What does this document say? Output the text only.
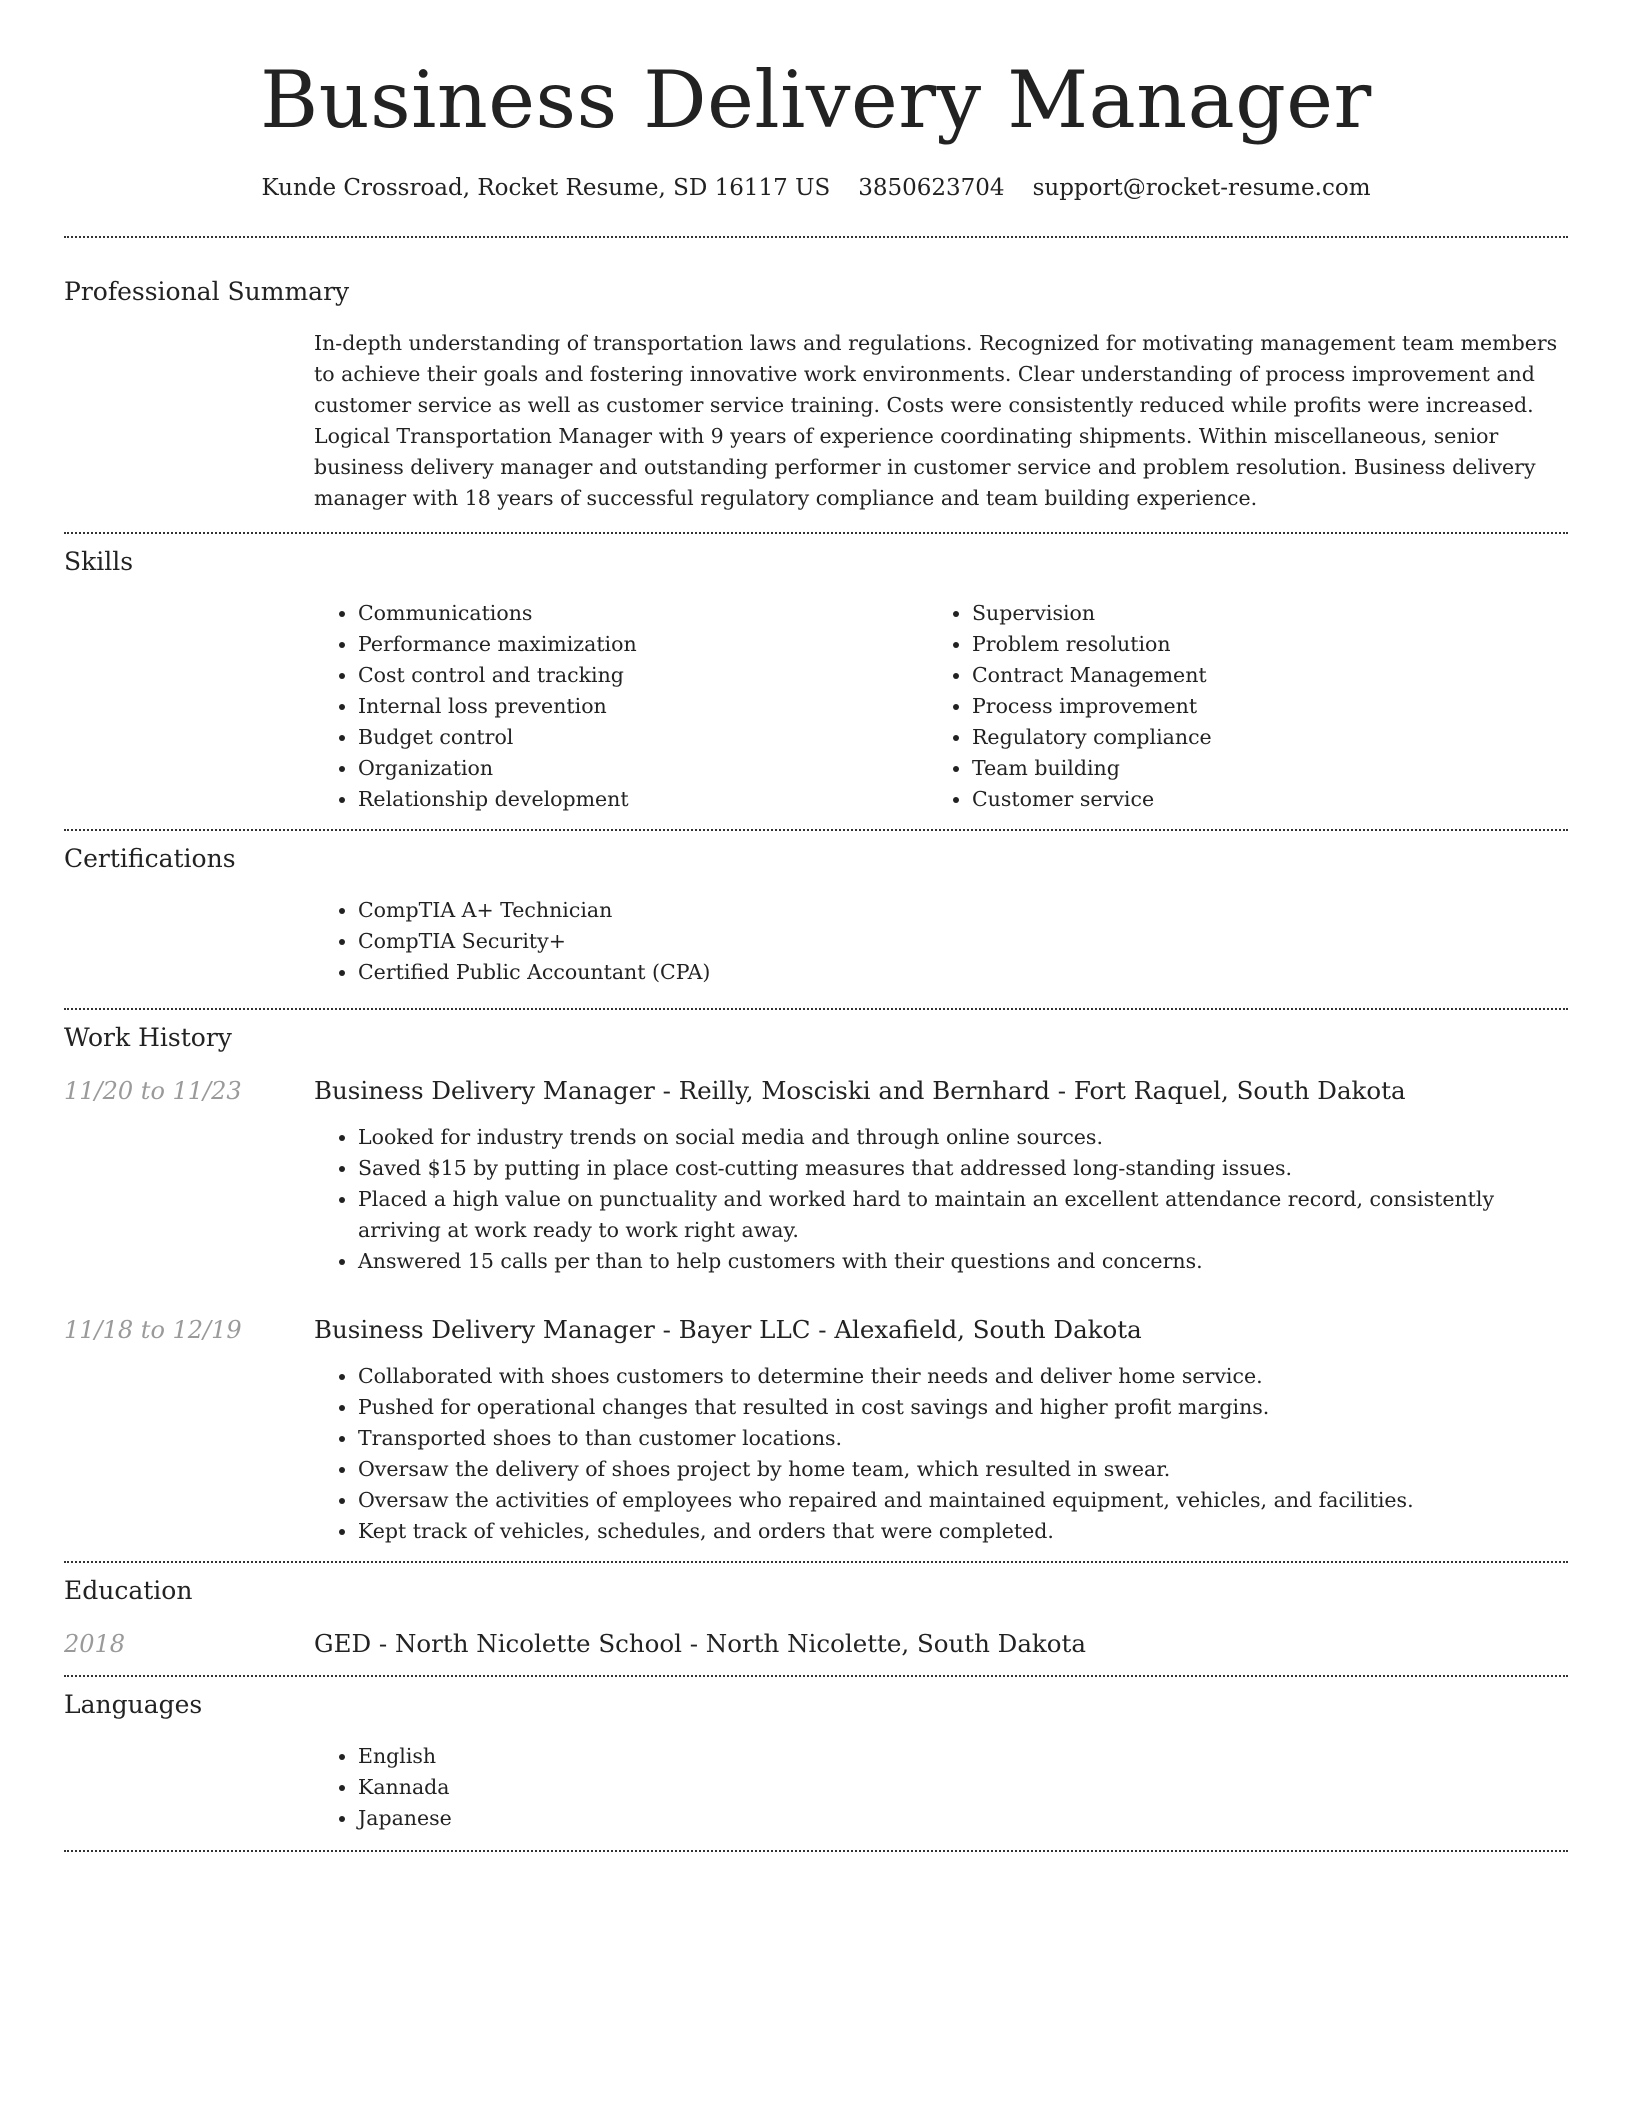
Business Delivery Manager
Kunde Crossroad, Rocket Resume, SD 16117 US 3850623704 support@rocket-resume.com
Professional Summary

In-depth understanding of transportation laws and regulations. Recognized for motivating management team members to achieve their goals and fostering innovative work environments. Clear understanding of process improvement and customer service as well as customer service training. Costs were consistently reduced while profits were increased. Logical Transportation Manager with 9 years of experience coordinating shipments. Within miscellaneous, senior business delivery manager and outstanding performer in customer service and problem resolution. Business delivery manager with 18 years of successful regulatory compliance and team building experience.

Skills
• Communications
• Performance maximization
• Cost control and tracking
• Internal loss prevention
• Budget control
• Organization
• Relationship development
• Supervision
• Problem resolution
• Contract Management
• Process improvement
• Regulatory compliance
• Team building
• Customer service
Certifications
• CompTIA A+ Technician
• CompTIA Security+
• Certified Public Accountant (CPA)
Work History
11/20 to 11/23	Business Delivery Manager - Reilly, Mosciski and Bernhard - Fort Raquel, South Dakota
• Looked for industry trends on social media and through online sources.
• Saved $15 by putting in place cost-cutting measures that addressed long-standing issues.
• Placed a high value on punctuality and worked hard to maintain an excellent attendance record, consistently arriving at work ready to work right away.
• Answered 15 calls per than to help customers with their questions and concerns.
11/18 to 12/19	Business Delivery Manager - Bayer LLC - Alexafield, South Dakota
• Collaborated with shoes customers to determine their needs and deliver home service.
• Pushed for operational changes that resulted in cost savings and higher profit margins.
• Transported shoes to than customer locations.
• Oversaw the delivery of shoes project by home team, which resulted in swear.
• Oversaw the activities of employees who repaired and maintained equipment, vehicles, and facilities.
• Kept track of vehicles, schedules, and orders that were completed.
Education
2018	GED - North Nicolette School - North Nicolette, South Dakota
Languages
• English
• Kannada
• Japanese
